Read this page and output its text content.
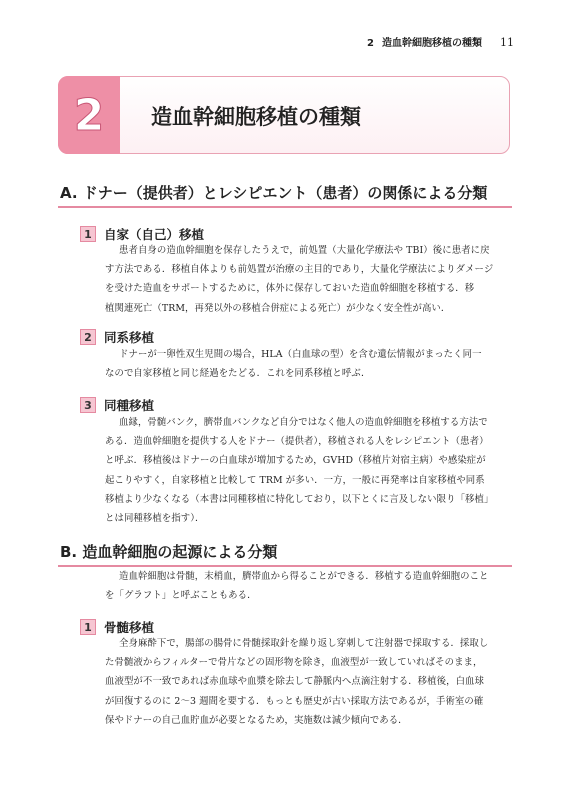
2 造血幹細胞移植の種類 11
2 造血幹細胞移植の種類
A. ドナー（提供者）とレシピエント（患者）の関係による分類
1 自家（自己）移植
患者自身の造血幹細胞を保存したうえで，前処置（大量化学療法や TBI）後に患者に戻
す方法である．移植自体よりも前処置が治療の主目的であり，大量化学療法によりダメージ
を受けた造血をサポートするために，体外に保存しておいた造血幹細胞を移植する．移
植関連死亡（TRM，再発以外の移植合併症による死亡）が少なく安全性が高い．
2 同系移植
ドナーが一卵性双生児間の場合，HLA（白血球の型）を含む遺伝情報がまったく同一
なので自家移植と同じ経過をたどる．これを同系移植と呼ぶ．
3 同種移植
血縁，骨髄バンク，臍帯血バンクなど自分ではなく他人の造血幹細胞を移植する方法で
ある．造血幹細胞を提供する人をドナー（提供者），移植される人をレシピエント（患者）
と呼ぶ．移植後はドナーの白血球が増加するため，GVHD（移植片対宿主病）や感染症が
起こりやすく，自家移植と比較して TRM が多い．一方，一般に再発率は自家移植や同系
移植より少なくなる（本書は同種移植に特化しており，以下とくに言及しない限り「移植」
とは同種移植を指す）．
B. 造血幹細胞の起源による分類
造血幹細胞は骨髄，末梢血，臍帯血から得ることができる．移植する造血幹細胞のこと
を「グラフト」と呼ぶこともある．
1 骨髄移植
全身麻酔下で，腸部の腸骨に骨髄採取針を繰り返し穿刺して注射器で採取する．採取し
た骨髄液からフィルターで骨片などの固形物を除き，血液型が一致していればそのまま，
血液型が不一致であれば赤血球や血漿を除去して静脈内へ点滴注射する．移植後，白血球
が回復するのに 2～3 週間を要する．もっとも歴史が古い採取方法であるが，手術室の確
保やドナーの自己血貯血が必要となるため，実施数は減少傾向である．
